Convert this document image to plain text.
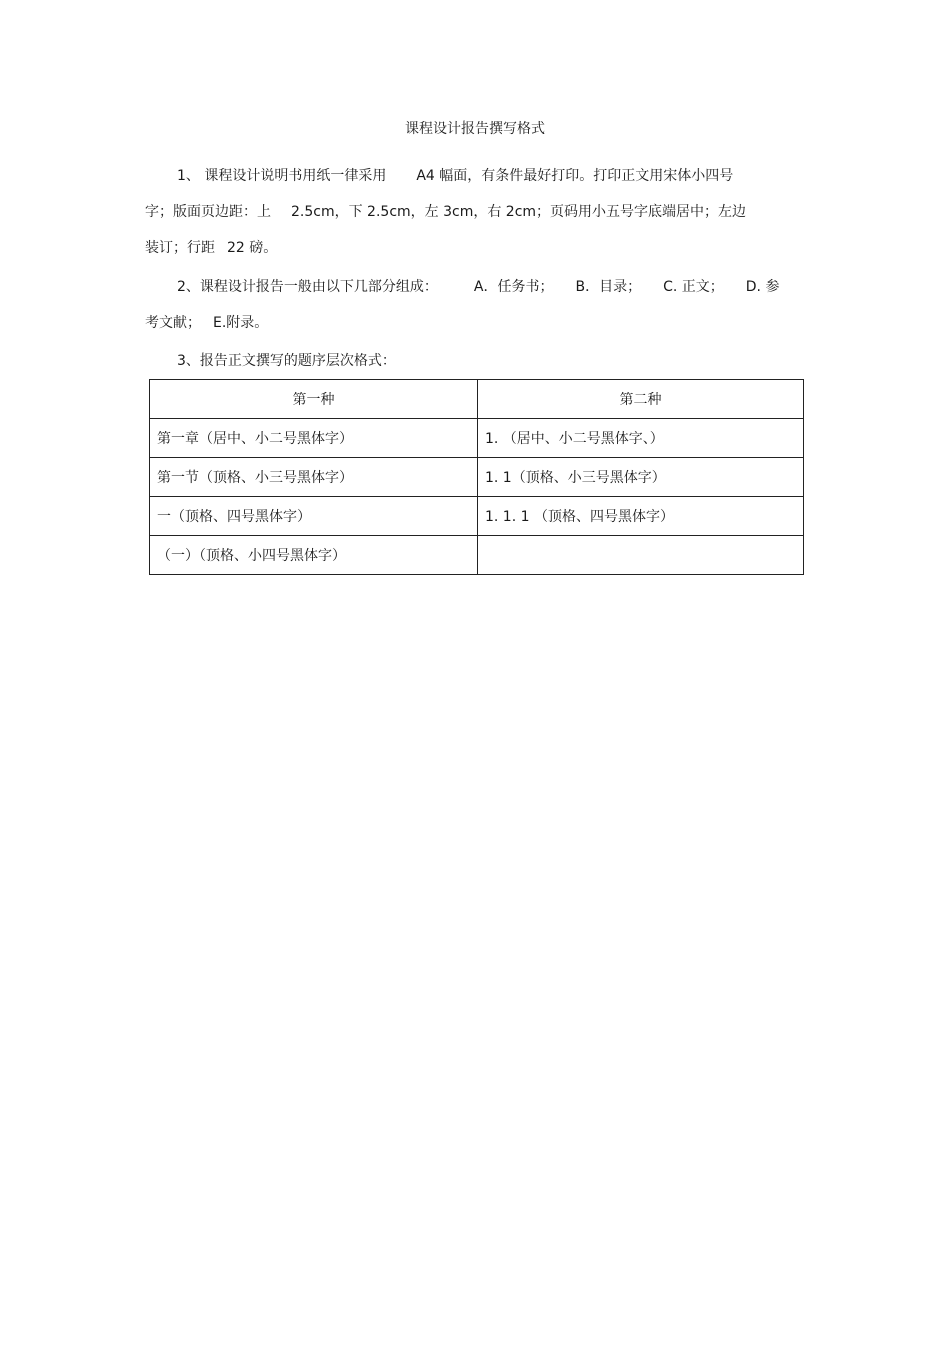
课程设计报告撰写格式
1、 课程设计说明书用纸一律采用 A4 幅面，有条件最好打印。打印正文用宋体小四号
字；版面页边距：上 2.5cm，下 2.5cm，左 3cm，右 2cm；页码用小五号字底端居中；左边
装订；行距 22 磅。
2、课程设计报告一般由以下几部分组成：	A．任务书； B．目录； C. 正文； D. 参
考文献； E.附录。
3、报告正文撰写的题序层次格式：
第一种	第二种
第一章（居中、小二号黑体字）	1. （居中、小二号黑体字、）
第一节（顶格、小三号黑体字）	1. 1（顶格、小三号黑体字）
一（顶格、四号黑体字）	1. 1. 1 （顶格、四号黑体字）
（一）（顶格、小四号黑体字）	
